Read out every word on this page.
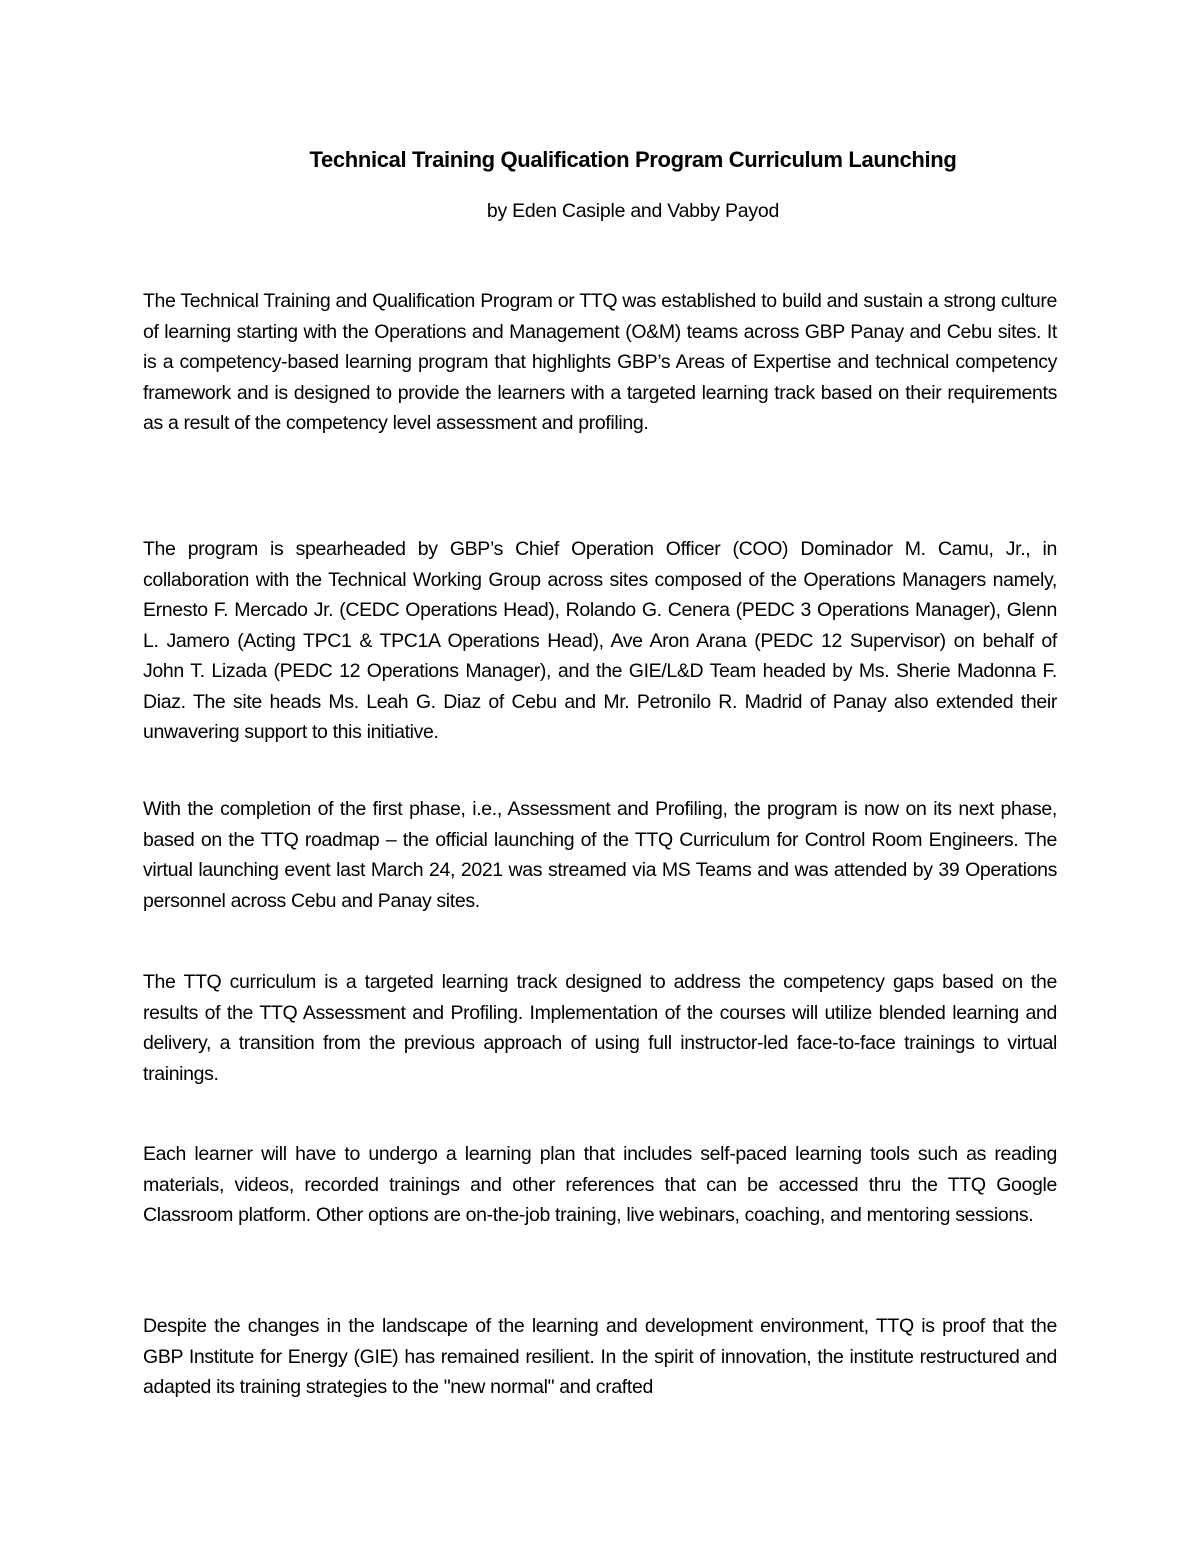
Technical Training Qualification Program Curriculum Launching
by Eden Casiple and Vabby Payod

The Technical Training and Qualification Program or TTQ was established to build and sustain a strong culture of learning starting with the Operations and Management (O&M) teams across GBP Panay and Cebu sites. It is a competency-based learning program that highlights GBP’s Areas of Expertise and technical competency framework and is designed to provide the learners with a targeted learning track based on their requirements as a result of the competency level assessment and profiling.

The program is spearheaded by GBP’s Chief Operation Officer (COO) Dominador M. Camu, Jr., in collaboration with the Technical Working Group across sites composed of the Operations Managers namely, Ernesto F. Mercado Jr. (CEDC Operations Head), Rolando G. Cenera (PEDC 3 Operations Manager), Glenn L. Jamero (Acting TPC1 & TPC1A Operations Head), Ave Aron Arana (PEDC 12 Supervisor) on behalf of John T. Lizada (PEDC 12 Operations Manager), and the GIE/L&D Team headed by Ms. Sherie Madonna F. Diaz. The site heads Ms. Leah G. Diaz of Cebu and Mr. Petronilo R. Madrid of Panay also extended their unwavering support to this initiative.

With the completion of the first phase, i.e., Assessment and Profiling, the program is now on its next phase, based on the TTQ roadmap – the official launching of the TTQ Curriculum for Control Room Engineers. The virtual launching event last March 24, 2021 was streamed via MS Teams and was attended by 39 Operations personnel across Cebu and Panay sites.

The TTQ curriculum is a targeted learning track designed to address the competency gaps based on the results of the TTQ Assessment and Profiling. Implementation of the courses will utilize blended learning and delivery, a transition from the previous approach of using full instructor-led face-to-face trainings to virtual trainings.

Each learner will have to undergo a learning plan that includes self-paced learning tools such as reading materials, videos, recorded trainings and other references that can be accessed thru the TTQ Google Classroom platform. Other options are on-the-job training, live webinars, coaching, and mentoring sessions.

Despite the changes in the landscape of the learning and development environment, TTQ is proof that the GBP Institute for Energy (GIE) has remained resilient. In the spirit of innovation, the institute restructured and adapted its training strategies to the "new normal" and crafted
